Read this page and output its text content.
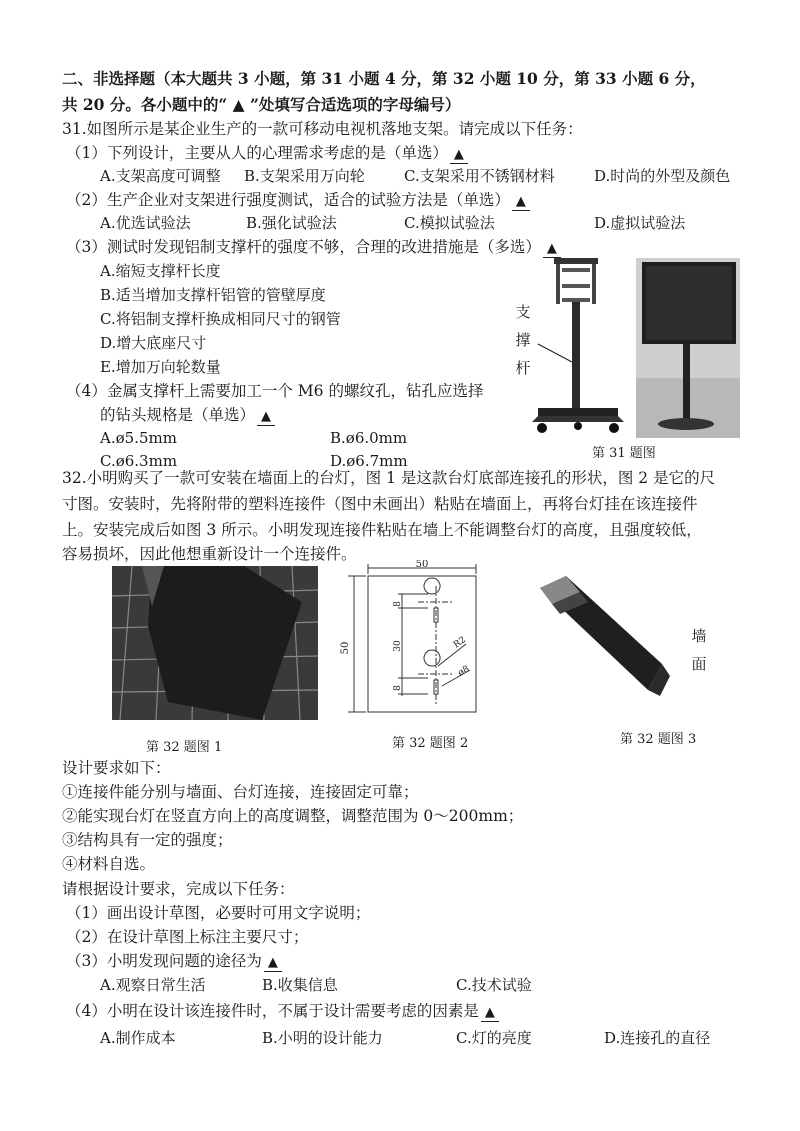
二、非选择题（本大题共 3 小题，第 31 小题 4 分，第 32 小题 10 分，第 33 小题 6 分，
共 20 分。各小题中的“ ▲ ”处填写合适选项的字母编号）
31.如图所示是某企业生产的一款可移动电视机落地支架。请完成以下任务：
（1）下列设计，主要从人的心理需求考虑的是（单选） ▲
A.支架高度可调整 B.支架采用万向轮	C.支架采用不锈钢材料	D.时尚的外型及颜色
（2）生产企业对支架进行强度测试，适合的试验方法是（单选） ▲
A.优选试验法	B.强化试验法	C.模拟试验法	D.虚拟试验法
（3）测试时发现铝制支撑杆的强度不够，合理的改进措施是（多选） ▲
A.缩短支撑杆长度
B.适当增加支撑杆铝管的管壁厚度
C.将铝制支撑杆换成相同尺寸的钢管
D.增大底座尺寸
E.增加万向轮数量
（4）金属支撑杆上需要加工一个 M6 的螺纹孔，钻孔应选择
的钻头规格是（单选） ▲
A.ø5.5mm	B.ø6.0mm
C.ø6.3mm	D.ø6.7mm
支
撑
杆
第 31 题图
32.小明购买了一款可安装在墙面上的台灯，图 1 是这款台灯底部连接孔的形状，图 2 是它的尺
寸图。安装时，先将附带的塑料连接件（图中未画出）粘贴在墙面上，再将台灯挂在该连接件
上。安装完成后如图 3 所示。小明发现连接件粘贴在墙上不能调整台灯的高度，且强度较低，
容易损坏，因此他想重新设计一个连接件。
第 32 题图 1
50
50
8
30
8
R2
ø8
第 32 题图 2
墙
面
第 32 题图 3
设计要求如下：
①连接件能分别与墙面、台灯连接，连接固定可靠；
②能实现台灯在竖直方向上的高度调整，调整范围为 0～200mm；
③结构具有一定的强度；
④材料自选。
请根据设计要求，完成以下任务：
（1）画出设计草图，必要时可用文字说明；
（2）在设计草图上标注主要尺寸；
（3）小明发现问题的途径为 ▲
A.观察日常生活	B.收集信息	C.技术试验
（4）小明在设计该连接件时，不属于设计需要考虑的因素是 ▲
A.制作成本	B.小明的设计能力	C.灯的亮度	D.连接孔的直径
